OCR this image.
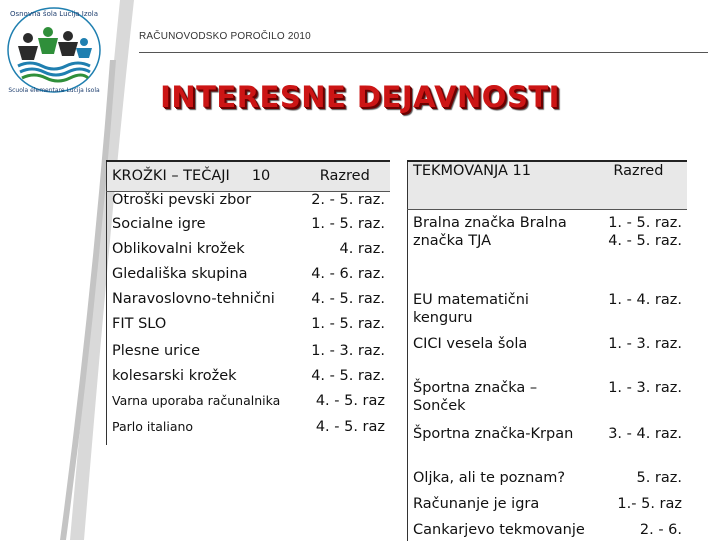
Osnovna šola Lucija Izola
Scuola elementare Lucija Isola
RAČUNOVODSKO POROČILO 2010
INTERESNE DEJAVNOSTI
KROŽKI – TEČAJI 10	Razred
Otroški pevski zbor	2. - 5. raz.
Socialne igre	1. - 5. raz.
Oblikovalni krožek	4. raz.
Gledališka skupina	4. - 6. raz.
Naravoslovno-tehnični	4. - 5. raz.
FIT SLO	1. - 5. raz.
Plesne urice	1. - 3. raz.
kolesarski krožek	4. - 5. raz.
Varna uporaba računalnika	4. - 5. raz
Parlo italiano	4. - 5. raz
TEKMOVANJA 11	Razred
Bralna značka Bralna značka TJA	1. - 5. raz. 4. - 5. raz.
EU matematični kenguru	1. - 4. raz.
CICI vesela šola	1. - 3. raz.
Športna značka – Sonček	1. - 3. raz.
Športna značka-Krpan	3. - 4. raz.
Oljka, ali te poznam?	5. raz.
Računanje je igra	1.- 5. raz
Cankarjevo tekmovanje	2. - 6.
